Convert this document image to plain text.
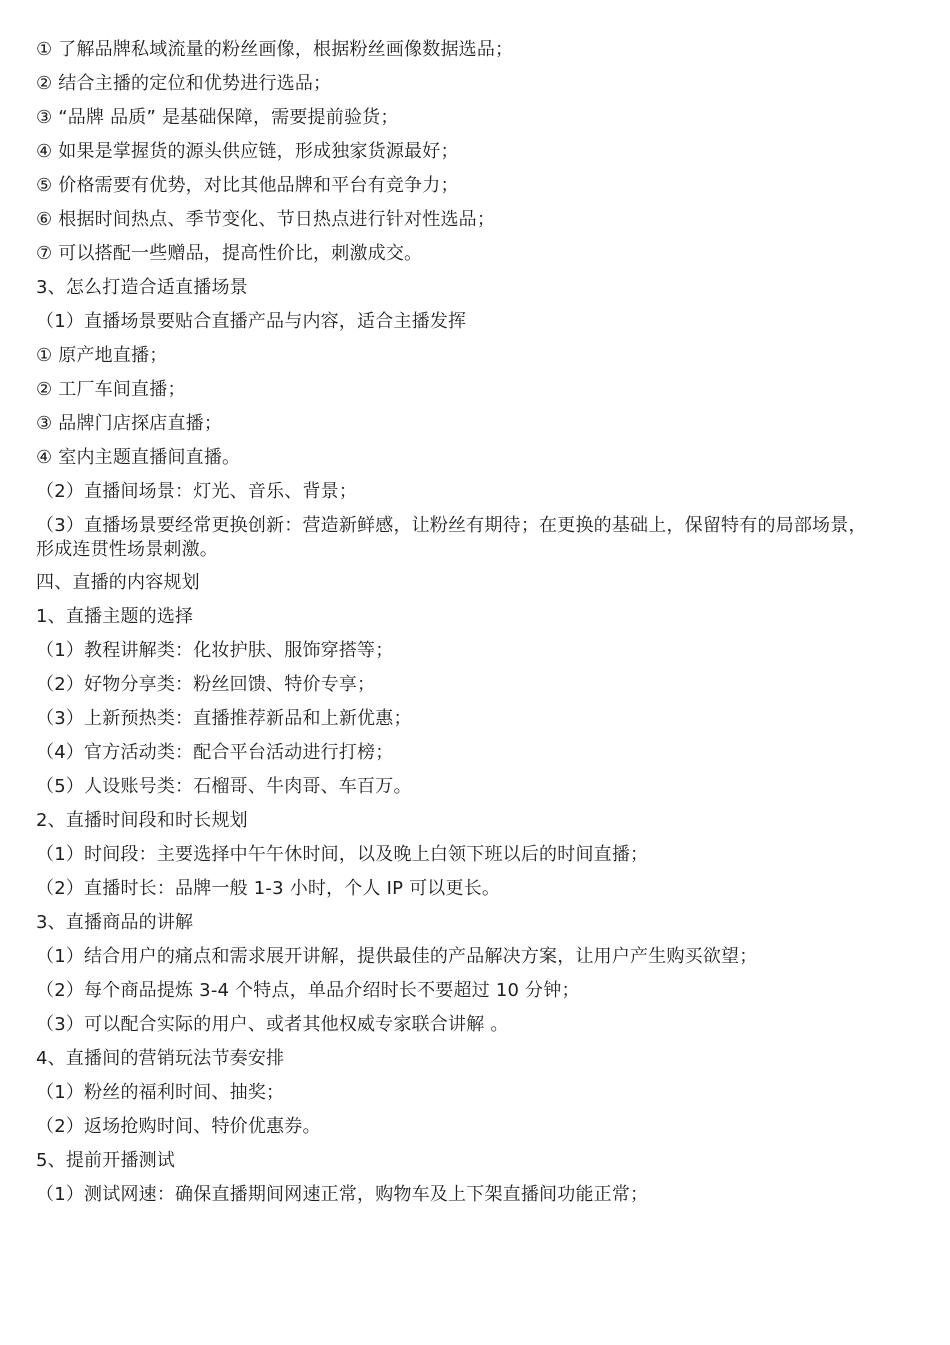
① 了解品牌私域流量的粉丝画像，根据粉丝画像数据选品；
② 结合主播的定位和优势进行选品；
③ “品牌 品质” 是基础保障，需要提前验货；
④ 如果是掌握货的源头供应链，形成独家货源最好；
⑤ 价格需要有优势，对比其他品牌和平台有竞争力；
⑥ 根据时间热点、季节变化、节日热点进行针对性选品；
⑦ 可以搭配一些赠品，提高性价比，刺激成交。
3、怎么打造合适直播场景
（1）直播场景要贴合直播产品与内容，适合主播发挥
① 原产地直播；
② 工厂车间直播；
③ 品牌门店探店直播；
④ 室内主题直播间直播。
（2）直播间场景：灯光、音乐、背景；
（3）直播场景要经常更换创新：营造新鲜感，让粉丝有期待；在更换的基础上，保留特有的局部场景，形成连贯性场景刺激。
四、直播的内容规划
1、直播主题的选择
（1）教程讲解类：化妆护肤、服饰穿搭等；
（2）好物分享类：粉丝回馈、特价专享；
（3）上新预热类：直播推荐新品和上新优惠；
（4）官方活动类：配合平台活动进行打榜；
（5）人设账号类：石榴哥、牛肉哥、车百万。
2、直播时间段和时长规划
（1）时间段：主要选择中午午休时间，以及晚上白领下班以后的时间直播；
（2）直播时长：品牌一般 1-3 小时，个人 IP 可以更长。
3、直播商品的讲解
（1）结合用户的痛点和需求展开讲解，提供最佳的产品解决方案，让用户产生购买欲望；
（2）每个商品提炼 3-4 个特点，单品介绍时长不要超过 10 分钟；
（3）可以配合实际的用户、或者其他权威专家联合讲解 。
4、直播间的营销玩法节奏安排
（1）粉丝的福利时间、抽奖；
（2）返场抢购时间、特价优惠券。
5、提前开播测试
（1）测试网速：确保直播期间网速正常，购物车及上下架直播间功能正常；
